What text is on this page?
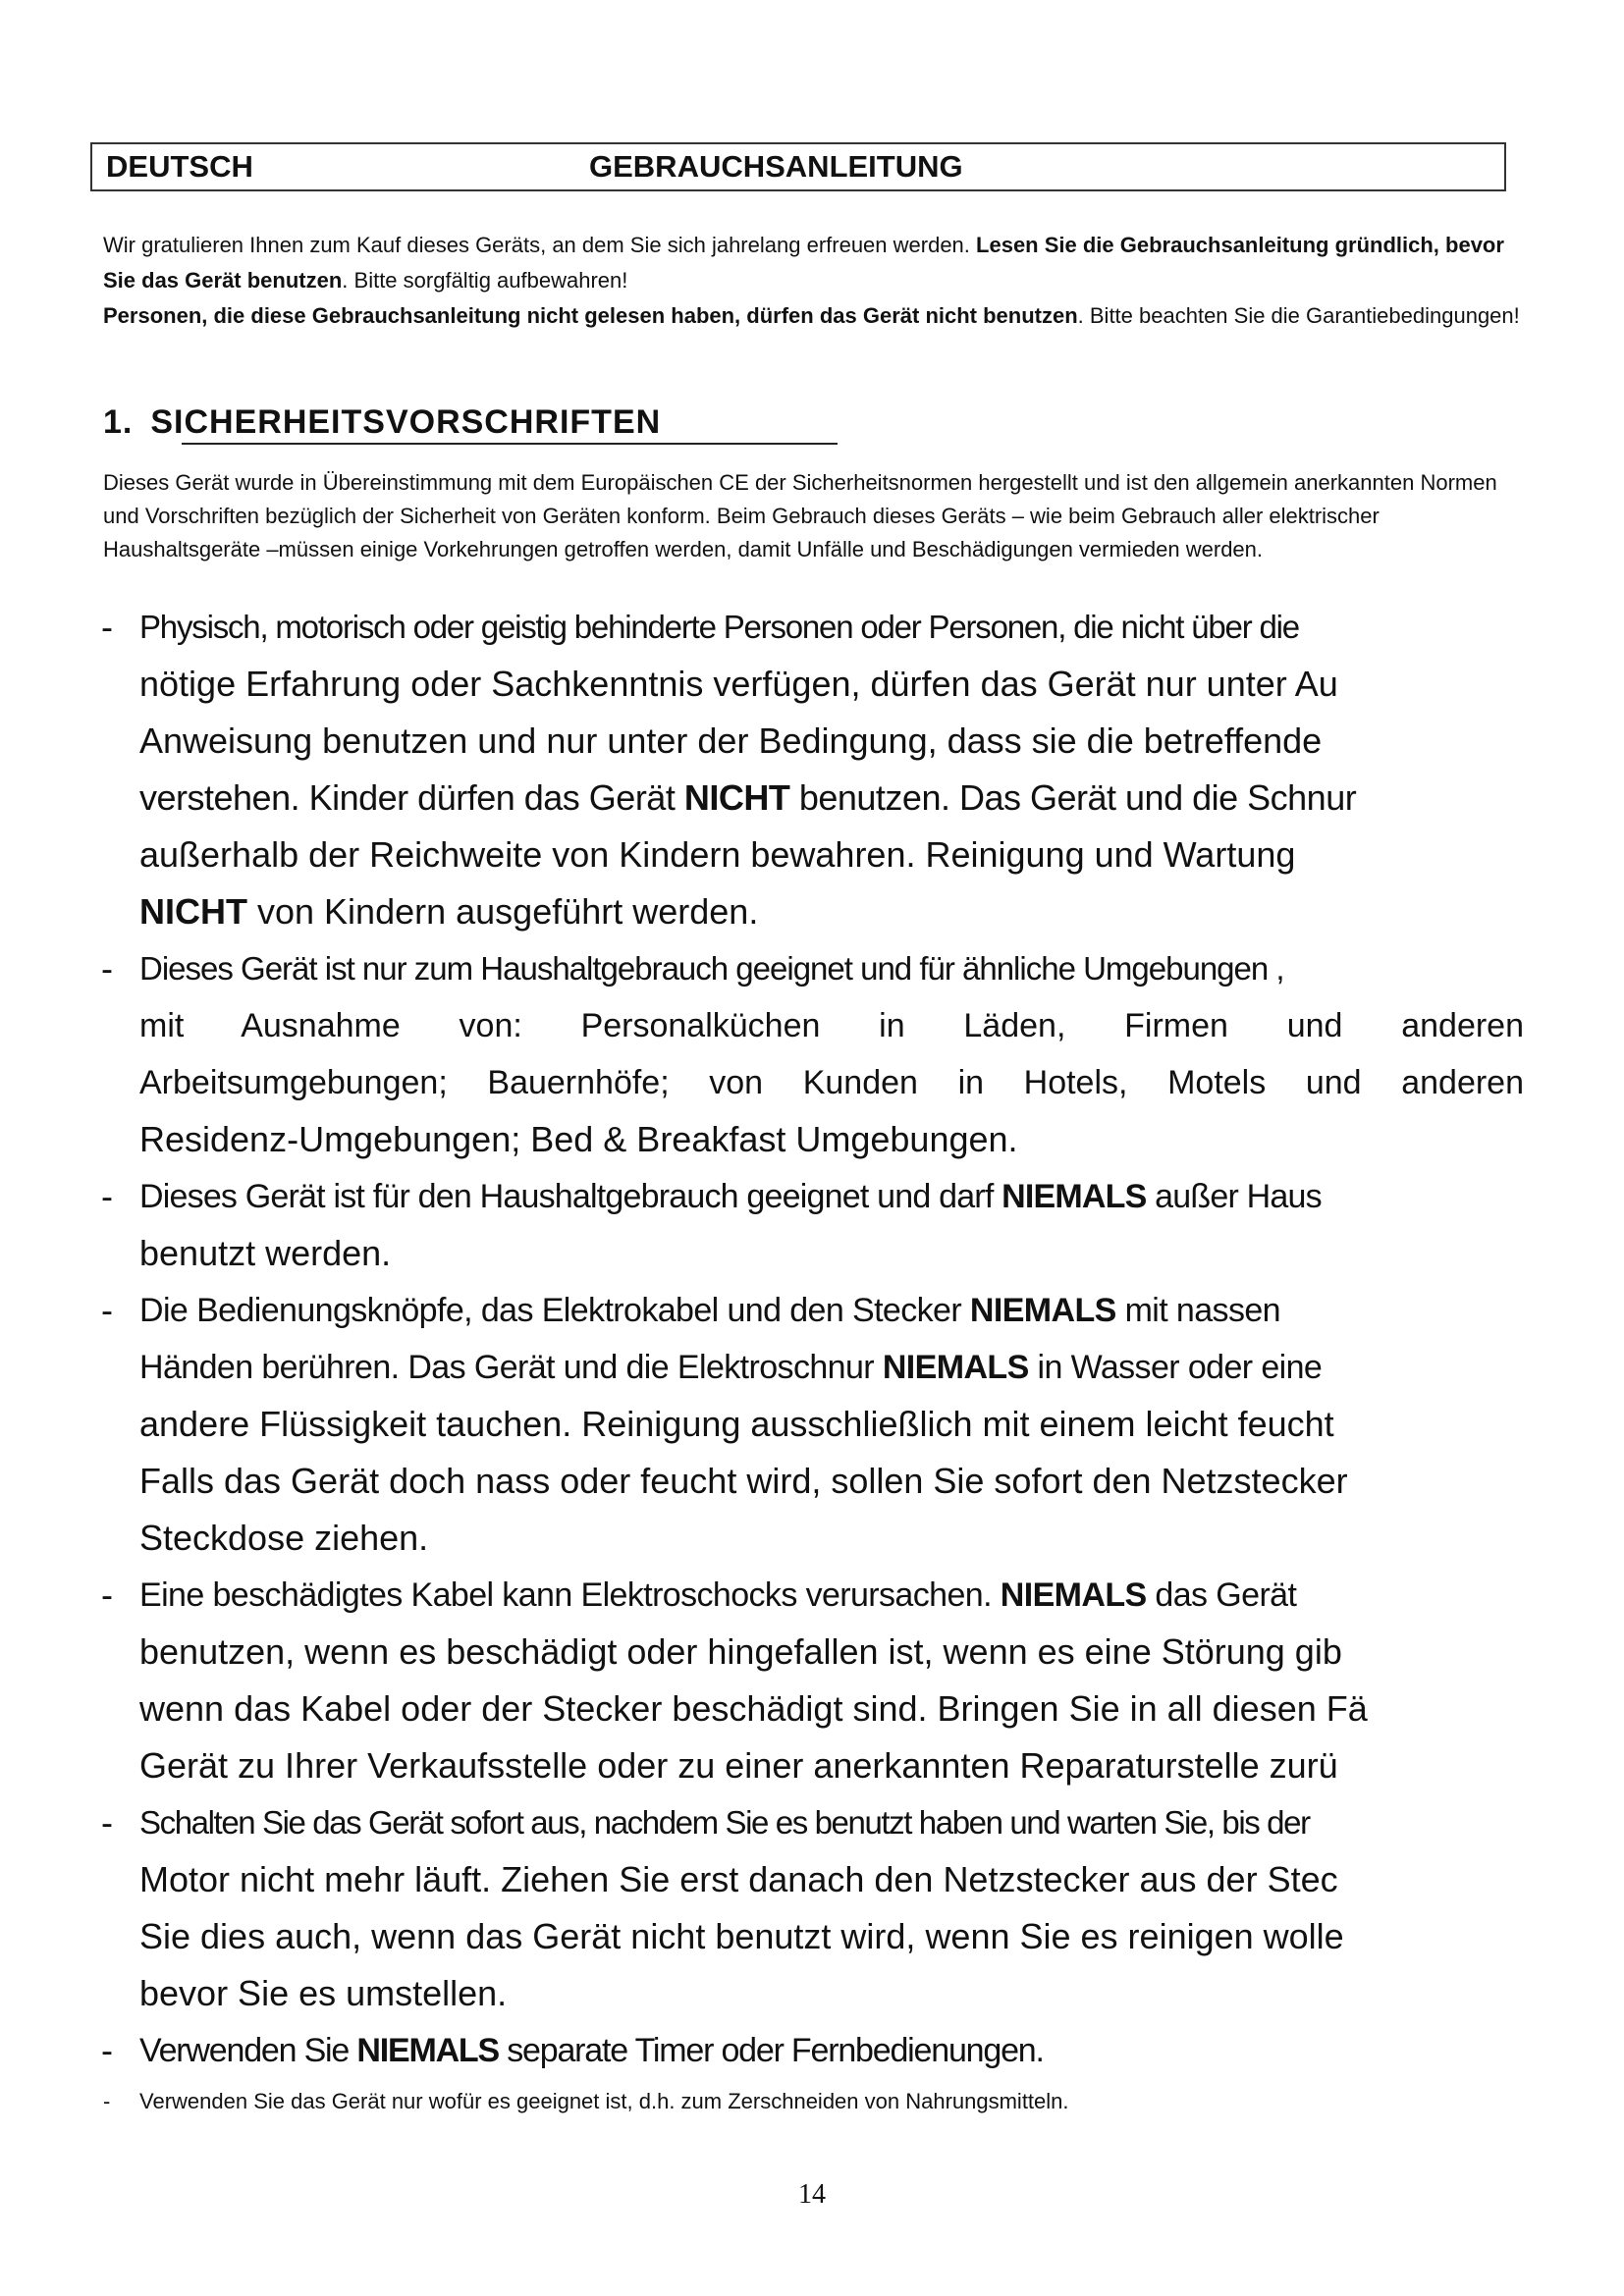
DEUTSCH	GEBRAUCHSANLEITUNG
Wir gratulieren Ihnen zum Kauf dieses Geräts, an dem Sie sich jahrelang erfreuen werden. Lesen Sie die Gebrauchsanleitung gründlich, bevor Sie das Gerät benutzen. Bitte sorgfältig aufbewahren!
Personen, die diese Gebrauchsanleitung nicht gelesen haben, dürfen das Gerät nicht benutzen. Bitte beachten Sie die Garantiebedingungen!
1. SICHERHEITSVORSCHRIFTEN

Dieses Gerät wurde in Übereinstimmung mit dem Europäischen CE der Sicherheitsnormen hergestellt und ist den allgemein anerkannten Normen und Vorschriften bezüglich der Sicherheit von Geräten konform. Beim Gebrauch dieses Geräts – wie beim Gebrauch aller elektrischer Haushaltsgeräte –müssen einige Vorkehrungen getroffen werden, damit Unfälle und Beschädigungen vermieden werden.

- Physisch, motorisch oder geistig behinderte Personen oder Personen, die nicht über die
nötige Erfahrung oder Sachkenntnis verfügen, dürfen das Gerät nur unter Au
Anweisung benutzen und nur unter der Bedingung, dass sie die betreffende
verstehen. Kinder dürfen das Gerät NICHT benutzen. Das Gerät und die Schnur
außerhalb der Reichweite von Kindern bewahren. Reinigung und Wartung
NICHT von Kindern ausgeführt werden.
- Dieses Gerät ist nur zum Haushaltgebrauch geeignet und für ähnliche Umgebungen ,
mit Ausnahme von: Personalküchen in Läden, Firmen und anderen
Arbeitsumgebungen; Bauernhöfe; von Kunden in Hotels, Motels und anderen
Residenz-Umgebungen; Bed & Breakfast Umgebungen.
- Dieses Gerät ist für den Haushaltgebrauch geeignet und darf NIEMALS außer Haus
benutzt werden.
- Die Bedienungsknöpfe, das Elektrokabel und den Stecker NIEMALS mit nassen
Händen berühren. Das Gerät und die Elektroschnur NIEMALS in Wasser oder eine
andere Flüssigkeit tauchen. Reinigung ausschließlich mit einem leicht feucht
Falls das Gerät doch nass oder feucht wird, sollen Sie sofort den Netzstecker
Steckdose ziehen.
- Eine beschädigtes Kabel kann Elektroschocks verursachen. NIEMALS das Gerät
benutzen, wenn es beschädigt oder hingefallen ist, wenn es eine Störung gib
wenn das Kabel oder der Stecker beschädigt sind. Bringen Sie in all diesen Fä
Gerät zu Ihrer Verkaufsstelle oder zu einer anerkannten Reparaturstelle zurü
- Schalten Sie das Gerät sofort aus, nachdem Sie es benutzt haben und warten Sie, bis der
Motor nicht mehr läuft. Ziehen Sie erst danach den Netzstecker aus der Stec
Sie dies auch, wenn das Gerät nicht benutzt wird, wenn Sie es reinigen wolle
bevor Sie es umstellen.
- Verwenden Sie NIEMALS separate Timer oder Fernbedienungen.
- Verwenden Sie das Gerät nur wofür es geeignet ist, d.h. zum Zerschneiden von Nahrungsmitteln.
14
